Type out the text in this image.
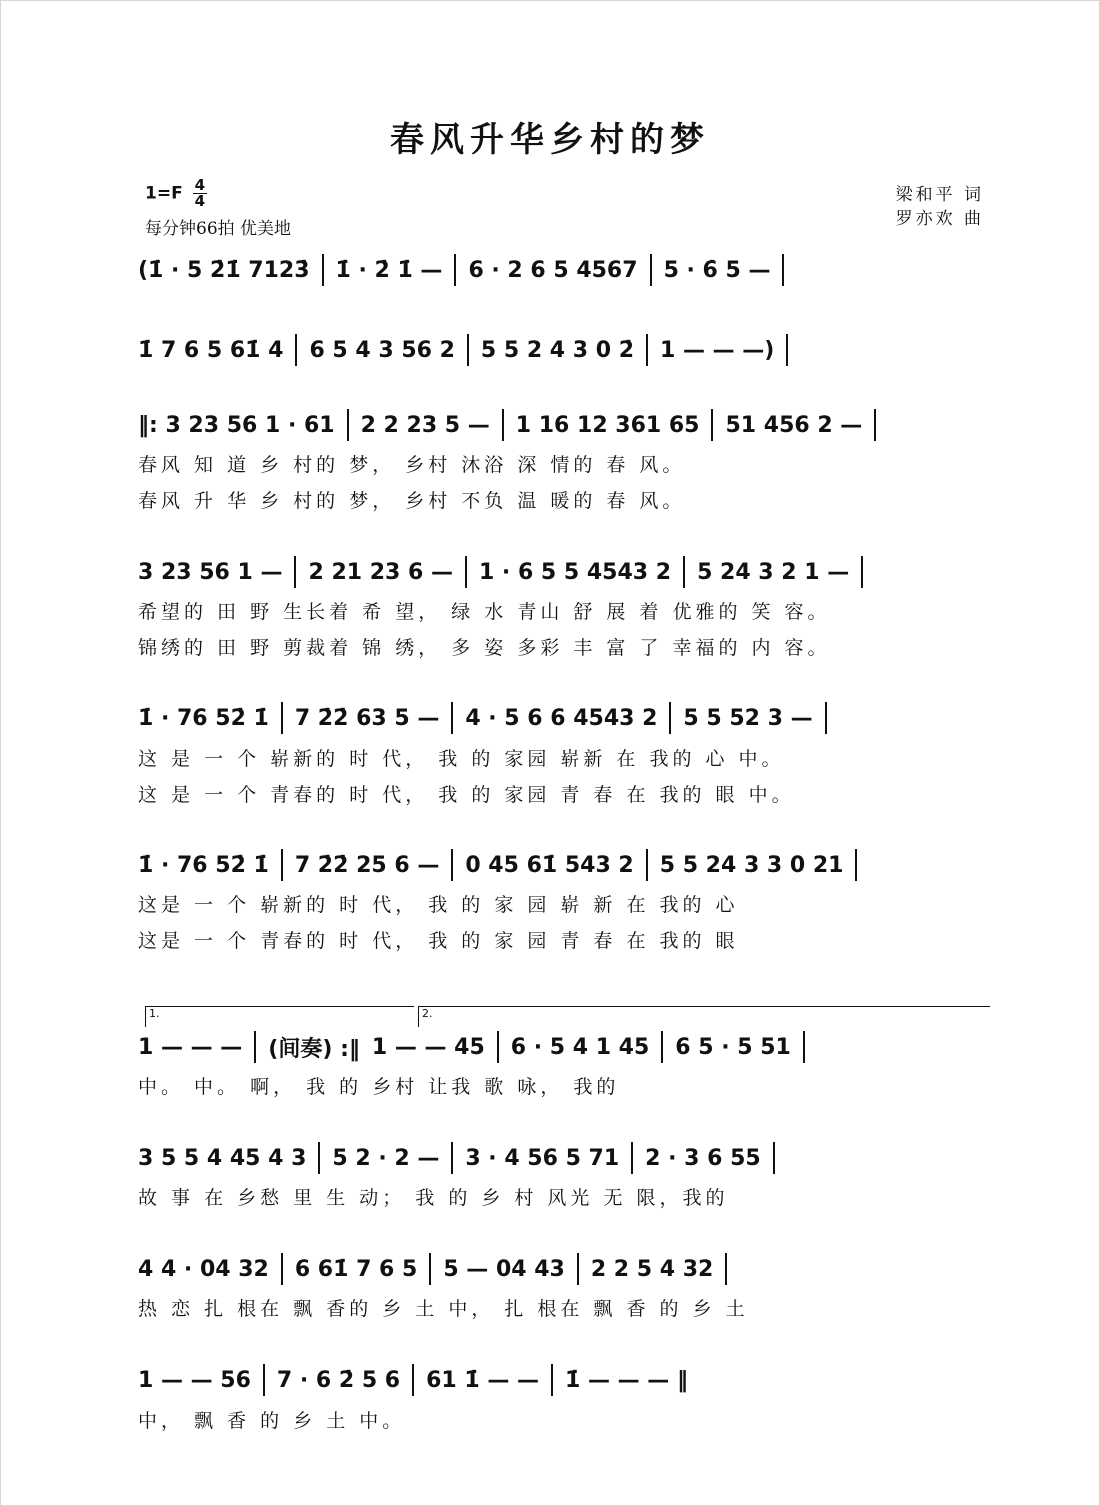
春风升华乡村的梦
$1=F \frac{4}{4}$
每分钟66拍 优美地
梁和平 词
罗亦欢 曲
(1̇ · 5 2̇1̇ 7123̇ 1̇ · 2̇ 1̇ — 6 · 2 6 5 4567 5 · 6̇ 5 —
1̇ 7 6 5 61̇ 4 6 5 4 3 56 2 5 5 2 4 3 0 2̇ 1 — — —)
‖: 3 23 56 1 · 61 2 2 23 5 — 1 16 12 361 65 51 456 2 —
春风 知 道 乡 村的 梦， 乡村 沐浴 深 情的 春 风。
春风 升 华 乡 村的 梦， 乡村 不负 温 暖的 春 风。
3 23 56 1 — 2 21 23 6 — 1 · 6 5 5 4543 2 5 24 3 2 1 —
希望的 田 野 生长着 希 望， 绿 水 青山 舒 展 着 优雅的 笑 容。
锦绣的 田 野 剪裁着 锦 绣， 多 姿 多彩 丰 富 了 幸福的 内 容。
1̇ · 76 52̇ 1̇ 7 2̇2̇ 63 5 — 4 · 5 6 6 4543 2 5 5 52 3 —
这 是 一 个 崭新的 时 代， 我 的 家园 崭新 在 我的 心 中。
这 是 一 个 青春的 时 代， 我 的 家园 青 春 在 我的 眼 中。
1̇ · 76 52̇ 1̇ 7 2̇2̇ 25 6 — 0 45 61̇ 543 2 5 5 24 3 3 0 21
这是 一 个 崭新的 时 代， 我 的 家 园 崭 新 在 我的 心
这是 一 个 青春的 时 代， 我 的 家 园 青 春 在 我的 眼
1.	2.
1 — — — (间奏) :‖ 1 — — 45 6 · 5 4 1 45 6 5 · 5 51
中。 中。 啊， 我 的 乡村 让我 歌 咏， 我的
3 5 5 4 45 4 3 5 2 · 2 — 3 · 4 56 5 71 2 · 3 6 55
故 事 在 乡愁 里 生 动； 我 的 乡 村 风光 无 限，我的
4 4 · 04 32 6 61̇ 7 6 5 5 — 04 43 2 2 5 4 32
热 恋 扎 根在 飘 香的 乡 土 中， 扎 根在 飘 香 的 乡 土
1 — — 56 7 · 6 2̇ 5 6 61 1̇ — — 1̇ — — — ‖
中， 飘 香 的 乡 土 中。
